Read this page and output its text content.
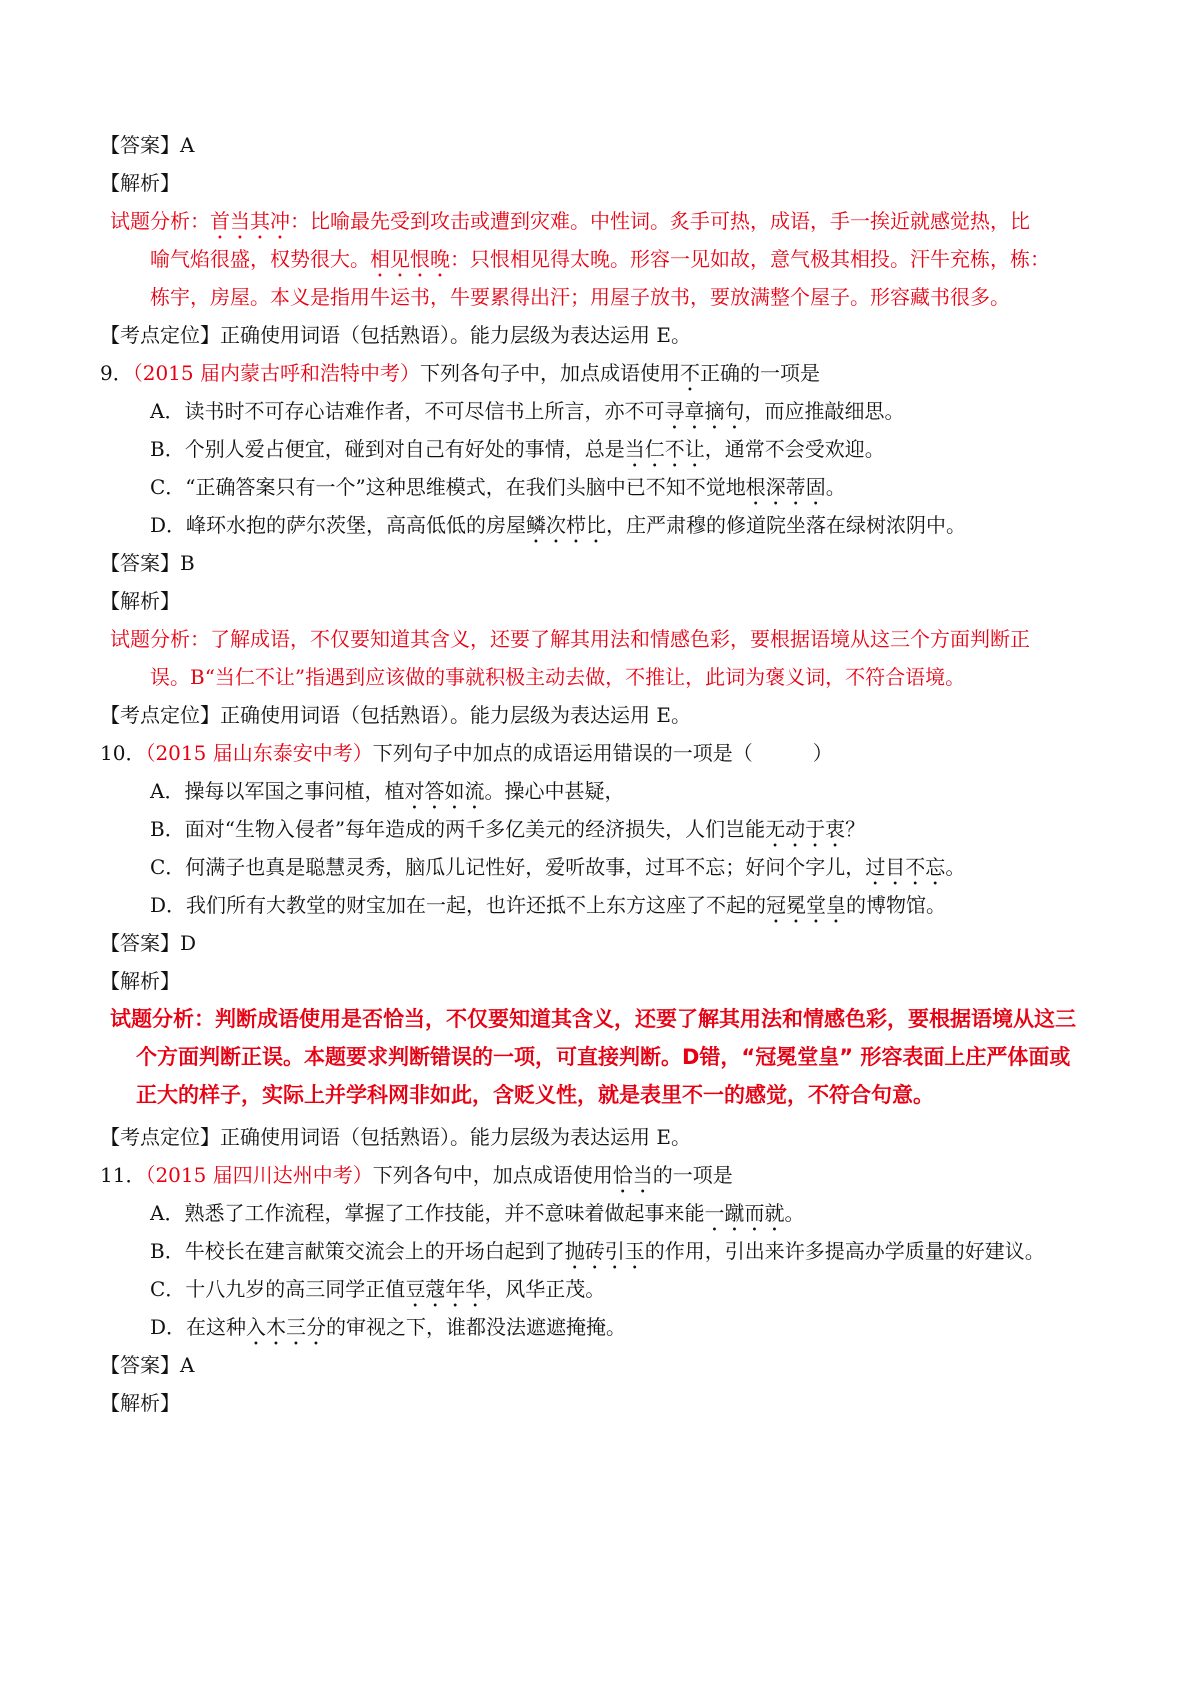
【答案】A
【解析】
试题分析：首当其冲：比喻最先受到攻击或遭到灾难。中性词。炙手可热，成语，手一挨近就感觉热，比
喻气焰很盛，权势很大。相见恨晚：只恨相见得太晚。形容一见如故，意气极其相投。汗牛充栋，栋：
栋宇，房屋。本义是指用牛运书，牛要累得出汗；用屋子放书，要放满整个屋子。形容藏书很多。
【考点定位】正确使用词语（包括熟语）。能力层级为表达运用 E。
9．（2015 届内蒙古呼和浩特中考）下列各句子中，加点成语使用不正确的一项是
A．读书时不可存心诘难作者，不可尽信书上所言，亦不可寻章摘句，而应推敲细思。
B．个别人爱占便宜，碰到对自己有好处的事情，总是当仁不让，通常不会受欢迎。
C．“正确答案只有一个”这种思维模式，在我们头脑中已不知不觉地根深蒂固。
D．峰环水抱的萨尔茨堡，高高低低的房屋鳞次栉比，庄严肃穆的修道院坐落在绿树浓阴中。
【答案】B
【解析】
试题分析：了解成语，不仅要知道其含义，还要了解其用法和情感色彩，要根据语境从这三个方面判断正
误。B“当仁不让”指遇到应该做的事就积极主动去做，不推让，此词为褒义词，不符合语境。
【考点定位】正确使用词语（包括熟语）。能力层级为表达运用 E。
10．（2015 届山东泰安中考）下列句子中加点的成语运用错误的一项是（　　　）
A．操每以军国之事问植，植对答如流。操心中甚疑，
B．面对“生物入侵者”每年造成的两千多亿美元的经济损失，人们岂能无动于衷？
C．何满子也真是聪慧灵秀，脑瓜儿记性好，爱听故事，过耳不忘；好问个字儿，过目不忘。
D．我们所有大教堂的财宝加在一起，也许还抵不上东方这座了不起的冠冕堂皇的博物馆。
【答案】D
【解析】
试题分析：判断成语使用是否恰当，不仅要知道其含义，还要了解其用法和情感色彩，要根据语境从这三
个方面判断正误。本题要求判断错误的一项，可直接判断。D错，“冠冕堂皇” 形容表面上庄严体面或
正大的样子，实际上并学科网非如此，含贬义性，就是表里不一的感觉，不符合句意。
【考点定位】正确使用词语（包括熟语）。能力层级为表达运用 E。
11．（2015 届四川达州中考）下列各句中，加点成语使用恰当的一项是
A．熟悉了工作流程，掌握了工作技能，并不意味着做起事来能一蹴而就。
B．牛校长在建言献策交流会上的开场白起到了抛砖引玉的作用，引出来许多提高办学质量的好建议。
C．十八九岁的高三同学正值豆蔻年华，风华正茂。
D．在这种入木三分的审视之下，谁都没法遮遮掩掩。
【答案】A
【解析】
